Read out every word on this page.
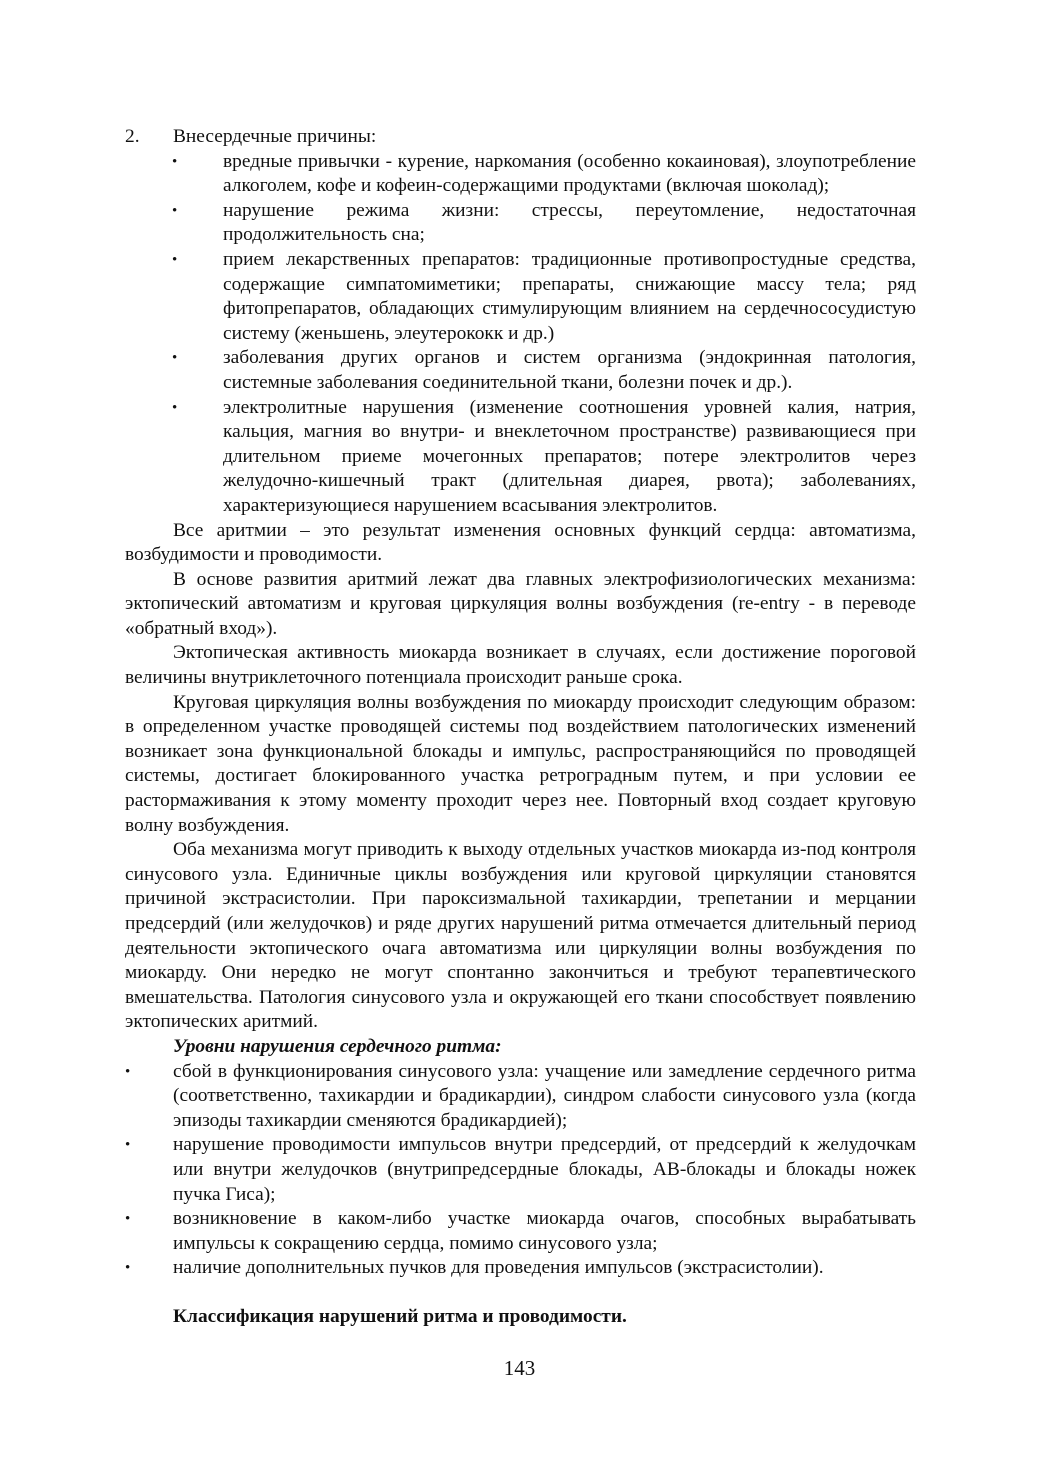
2. Внесердечные причины:

• вредные привычки - курение, наркомания (особенно кокаиновая), злоупотребление алкоголем, кофе и кофеин-содержащими продуктами (включая шоколад);
• нарушение режима жизни: стрессы, переутомление, недостаточная продолжительность сна;
• прием лекарственных препаратов: традиционные противопростудные средства, содержащие симпатомиметики; препараты, снижающие массу тела; ряд фитопрепаратов, обладающих стимулирующим влиянием на сердечнососудистую систему (женьшень, элеутерококк и др.)
• заболевания других органов и систем организма (эндокринная патология, системные заболевания соединительной ткани, болезни почек и др.).
• электролитные нарушения (изменение соотношения уровней калия, натрия, кальция, магния во внутри- и внеклеточном пространстве) развивающиеся при длительном приеме мочегонных препаратов; потере электролитов через желудочно-кишечный тракт (длительная диарея, рвота); заболеваниях, характеризующиеся нарушением всасывания электролитов.

Все аритмии – это результат изменения основных функций сердца: автоматизма, возбудимости и проводимости.

В основе развития аритмий лежат два главных электрофизиологических механизма: эктопический автоматизм и круговая циркуляция волны возбуждения (re-entry - в переводе «обратный вход»).

Эктопическая активность миокарда возникает в случаях, если достижение пороговой величины внутриклеточного потенциала происходит раньше срока.

Круговая циркуляция волны возбуждения по миокарду происходит следующим образом: в определенном участке проводящей системы под воздействием патологических изменений возникает зона функциональной блокады и импульс, распространяющийся по проводящей системы, достигает блокированного участка ретроградным путем, и при условии ее растормаживания к этому моменту проходит через нее. Повторный вход создает круговую волну возбуждения.

Оба механизма могут приводить к выходу отдельных участков миокарда из-под контроля синусового узла. Единичные циклы возбуждения или круговой циркуляции становятся причиной экстрасистолии. При пароксизмальной тахикардии, трепетании и мерцании предсердий (или желудочков) и ряде других нарушений ритма отмечается длительный период деятельности эктопического очага автоматизма или циркуляции волны возбуждения по миокарду. Они нередко не могут спонтанно закончиться и требуют терапевтического вмешательства. Патология синусового узла и окружающей его ткани способствует появлению эктопических аритмий.

Уровни нарушения сердечного ритма:

• сбой в функционирования синусового узла: учащение или замедление сердечного ритма (соответственно, тахикардии и брадикардии), синдром слабости синусового узла (когда эпизоды тахикардии сменяются брадикардией);
• нарушение проводимости импульсов внутри предсердий, от предсердий к желудочкам или внутри желудочков (внутрипредсердные блокады, АВ-блокады и блокады ножек пучка Гиса);
• возникновение в каком-либо участке миокарда очагов, способных вырабатывать импульсы к сокращению сердца, помимо синусового узла;
• наличие дополнительных пучков для проведения импульсов (экстрасистолии).

Классификация нарушений ритма и проводимости.

143
